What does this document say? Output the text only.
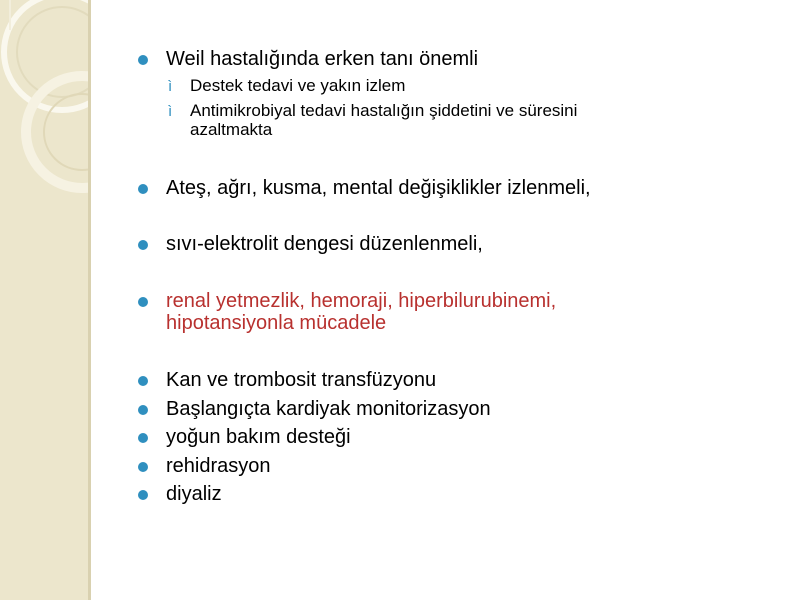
Weil hastalığında erken tanı önemli
ì Destek tedavi ve yakın izlem
ì Antimikrobiyal tedavi hastalığın şiddetini ve süresini
azaltmakta
Ateş, ağrı, kusma, mental değişiklikler izlenmeli,
sıvı-elektrolit dengesi düzenlenmeli,
renal yetmezlik, hemoraji, hiperbilurubinemi,
hipotansiyonla mücadele
Kan ve trombosit transfüzyonu
Başlangıçta kardiyak monitorizasyon
yoğun bakım desteği
rehidrasyon
diyaliz
